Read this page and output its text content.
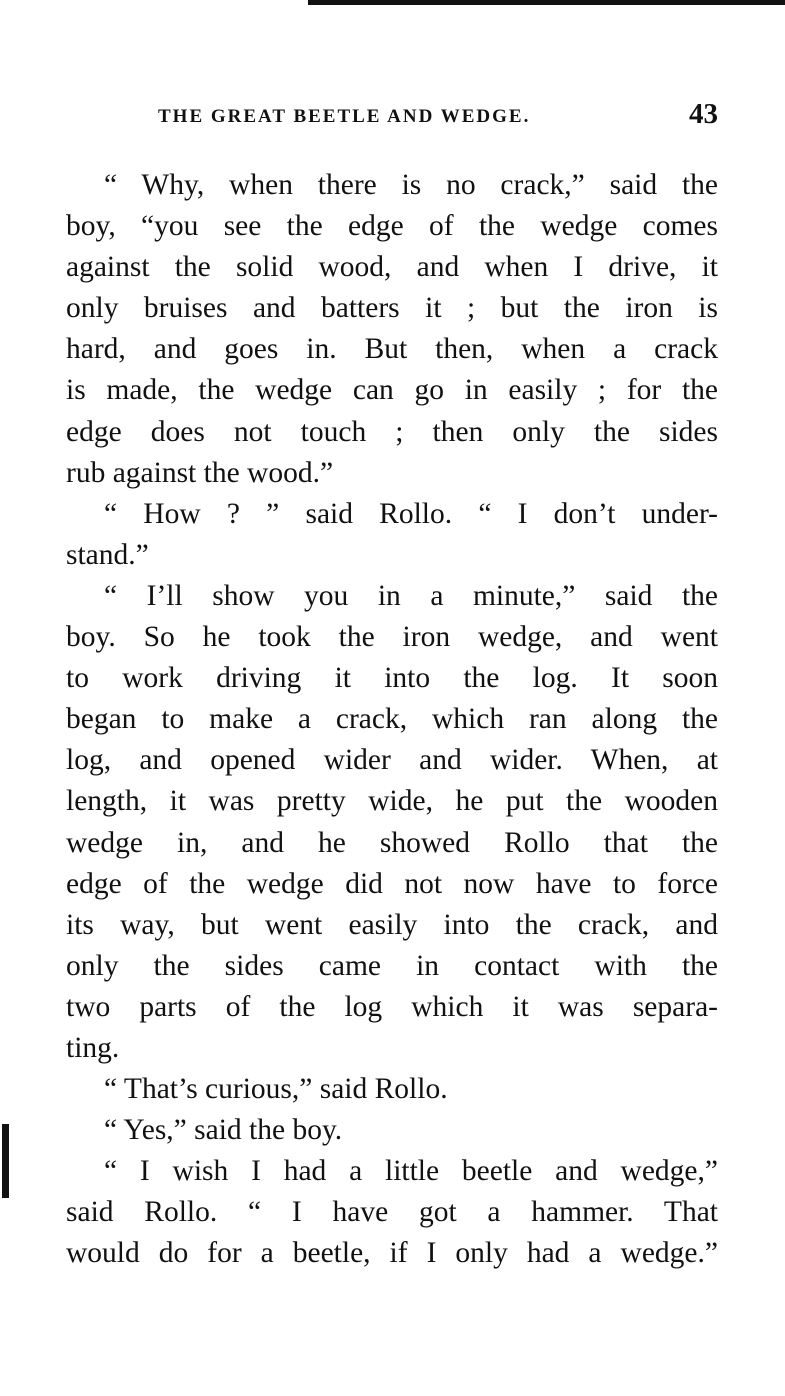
THE GREAT BEETLE AND WEDGE.	43
“ Why, when there is no crack,” said the
boy, “you see the edge of the wedge comes
against the solid wood, and when I drive, it
only bruises and batters it ; but the iron is
hard, and goes in. But then, when a crack
is made, the wedge can go in easily ; for the
edge does not touch ; then only the sides
rub against the wood.”
“ How ? ” said Rollo. “ I don’t under-
stand.”
“ I’ll show you in a minute,” said the
boy. So he took the iron wedge, and went
to work driving it into the log. It soon
began to make a crack, which ran along the
log, and opened wider and wider. When, at
length, it was pretty wide, he put the wooden
wedge in, and he showed Rollo that the
edge of the wedge did not now have to force
its way, but went easily into the crack, and
only the sides came in contact with the
two parts of the log which it was separa-
ting.
“ That’s curious,” said Rollo.
“ Yes,” said the boy.
“ I wish I had a little beetle and wedge,”
said Rollo. “ I have got a hammer. That
would do for a beetle, if I only had a wedge.”
